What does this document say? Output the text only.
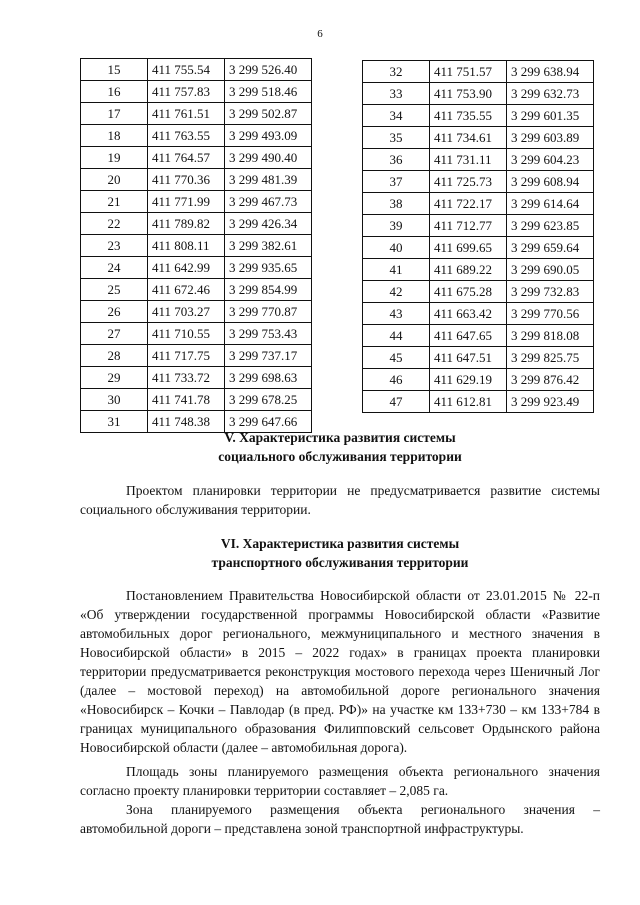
6
15	411 755.54	3 299 526.40
16	411 757.83	3 299 518.46
17	411 761.51	3 299 502.87
18	411 763.55	3 299 493.09
19	411 764.57	3 299 490.40
20	411 770.36	3 299 481.39
21	411 771.99	3 299 467.73
22	411 789.82	3 299 426.34
23	411 808.11	3 299 382.61
24	411 642.99	3 299 935.65
25	411 672.46	3 299 854.99
26	411 703.27	3 299 770.87
27	411 710.55	3 299 753.43
28	411 717.75	3 299 737.17
29	411 733.72	3 299 698.63
30	411 741.78	3 299 678.25
31	411 748.38	3 299 647.66
32	411 751.57	3 299 638.94
33	411 753.90	3 299 632.73
34	411 735.55	3 299 601.35
35	411 734.61	3 299 603.89
36	411 731.11	3 299 604.23
37	411 725.73	3 299 608.94
38	411 722.17	3 299 614.64
39	411 712.77	3 299 623.85
40	411 699.65	3 299 659.64
41	411 689.22	3 299 690.05
42	411 675.28	3 299 732.83
43	411 663.42	3 299 770.56
44	411 647.65	3 299 818.08
45	411 647.51	3 299 825.75
46	411 629.19	3 299 876.42
47	411 612.81	3 299 923.49
V. Характеристика развития системы
социального обслуживания территории
Проектом планировки территории не предусматривается развитие системы социального обслуживания территории.
VI. Характеристика развития системы
транспортного обслуживания территории
Постановлением Правительства Новосибирской области от 23.01.2015 № 22-п «Об утверждении государственной программы Новосибирской области «Развитие автомобильных дорог регионального, межмуниципального и местного значения в Новосибирской области» в 2015 – 2022 годах» в границах проекта планировки территории предусматривается реконструкция мостового перехода через Шеничный Лог (далее – мостовой переход) на автомобильной дороге регионального значения «Новосибирск – Кочки – Павлодар (в пред. РФ)» на участке км 133+730 – км 133+784 в границах муниципального образования Филипповский сельсовет Ордынского района Новосибирской области (далее – автомобильная дорога).
Площадь зоны планируемого размещения объекта регионального значения согласно проекту планировки территории составляет – 2,085 га.
Зона планируемого размещения объекта регионального значения – автомобильной дороги – представлена зоной транспортной инфраструктуры.
